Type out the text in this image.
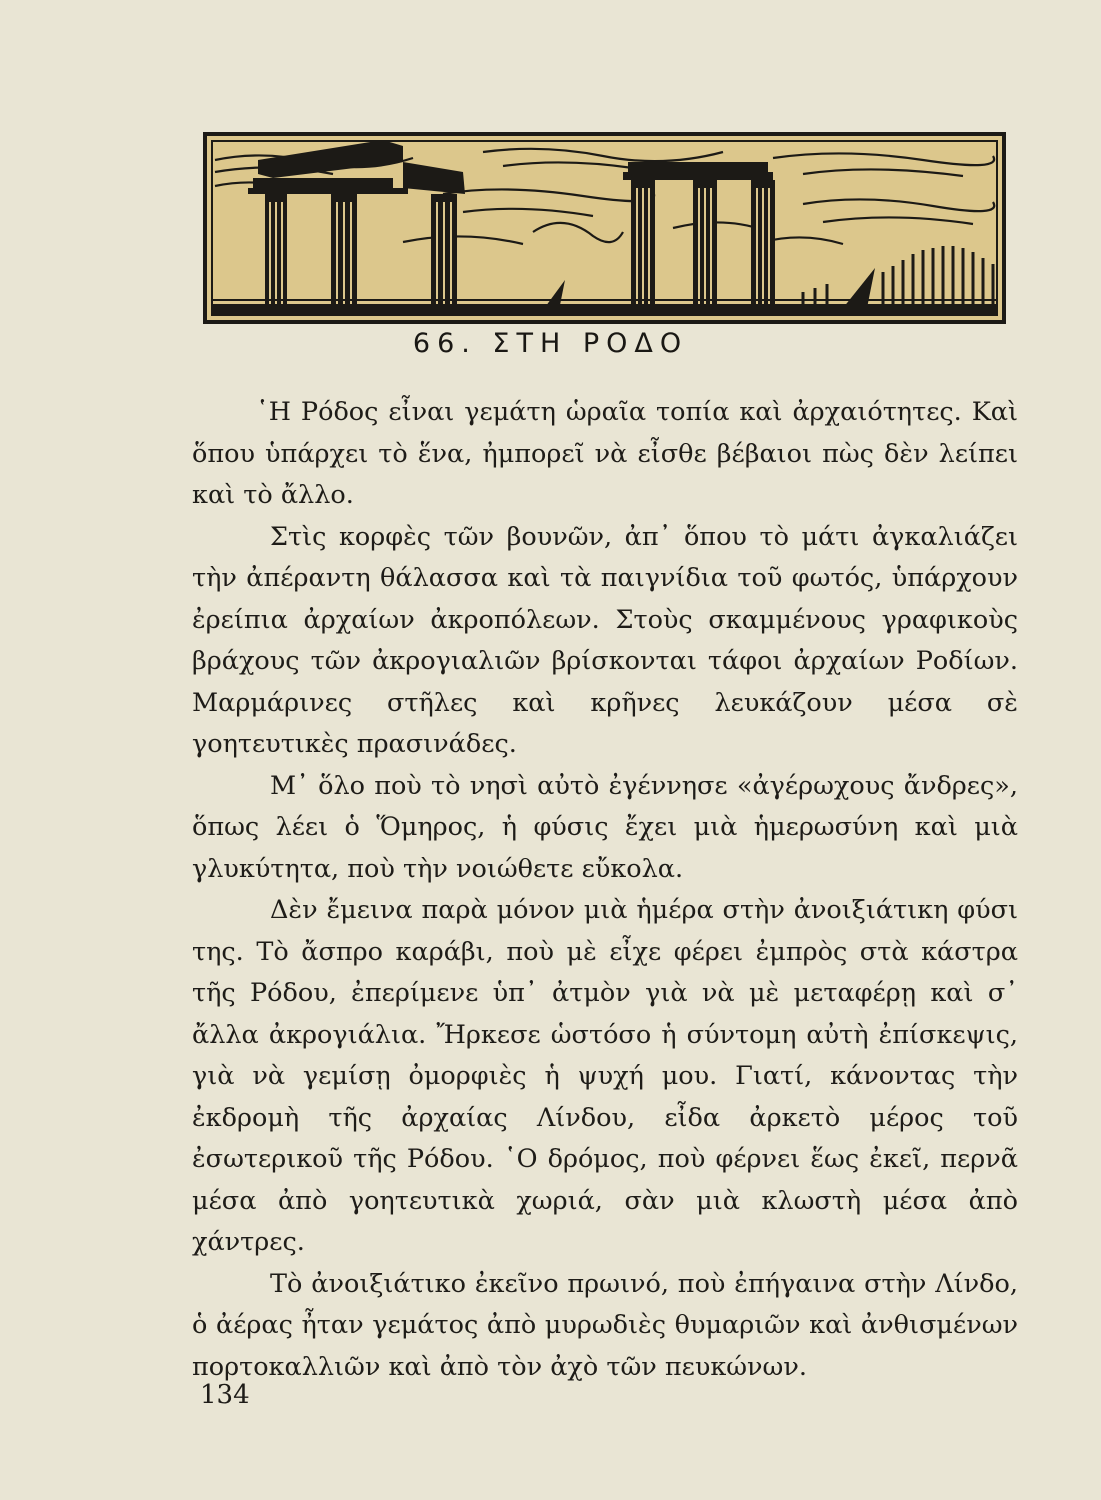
66. ΣΤΗ ΡΟΔΟ

῾Η Ρόδος εἶναι γεμάτη ὡραῖα τοπία καὶ ἀρχαιότητες. Καὶ ὅπου ὑπάρχει τὸ ἕνα, ἠμπορεῖ νὰ εἶσθε βέβαιοι πὼς δὲν λείπει καὶ τὸ ἄλλο.

Στὶς κορφὲς τῶν βουνῶν, ἀπ᾿ ὅπου τὸ μάτι ἀγκαλιάζει τὴν ἀπέραντη θάλασσα καὶ τὰ παιγνίδια τοῦ φωτός, ὑπάρχουν ἐρείπια ἀρχαίων ἀκροπόλεων. Στοὺς σκαμμένους γραφικοὺς βράχους τῶν ἀκρογιαλιῶν βρίσκονται τάφοι ἀρχαίων Ροδίων. Μαρμάρινες στῆλες καὶ κρῆνες λευκάζουν μέσα σὲ γοητευτικὲς πρασινάδες.

Μ᾿ ὅλο ποὺ τὸ νησὶ αὐτὸ ἐγέννησε «ἀγέρωχους ἄνδρες», ὅπως λέει ὁ Ὅμηρος, ἡ φύσις ἔχει μιὰ ἡμερωσύνη καὶ μιὰ γλυκύτητα, ποὺ τὴν νοιώθετε εὔκολα.

Δὲν ἔμεινα παρὰ μόνον μιὰ ἡμέρα στὴν ἀνοιξιάτικη φύσι της. Τὸ ἄσπρο καράβι, ποὺ μὲ εἶχε φέρει ἐμπρὸς στὰ κάστρα τῆς Ρόδου, ἐπερίμενε ὑπ᾿ ἀτμὸν γιὰ νὰ μὲ μεταφέρῃ καὶ σ᾿ ἄλλα ἀκρογιάλια. Ἤρκεσε ὡστόσο ἡ σύντομη αὐτὴ ἐπίσκεψις, γιὰ νὰ γεμίσῃ ὀμορφιὲς ἡ ψυχή μου. Γιατί, κάνοντας τὴν ἐκδρομὴ τῆς ἀρχαίας Λίνδου, εἶδα ἀρκετὸ μέρος τοῦ ἐσωτερικοῦ τῆς Ρόδου. ῾Ο δρόμος, ποὺ φέρνει ἕως ἐκεῖ, περνᾶ μέσα ἀπὸ γοητευτικὰ χωριά, σὰν μιὰ κλωστὴ μέσα ἀπὸ χάντρες.

Τὸ ἀνοιξιάτικο ἐκεῖνο πρωινό, ποὺ ἐπήγαινα στὴν Λίνδο, ὁ ἀέρας ἦταν γεμάτος ἀπὸ μυρωδιὲς θυμαριῶν καὶ ἀνθισμένων πορτοκαλλιῶν καὶ ἀπὸ τὸν ἀχὸ τῶν πευκώνων.

134
